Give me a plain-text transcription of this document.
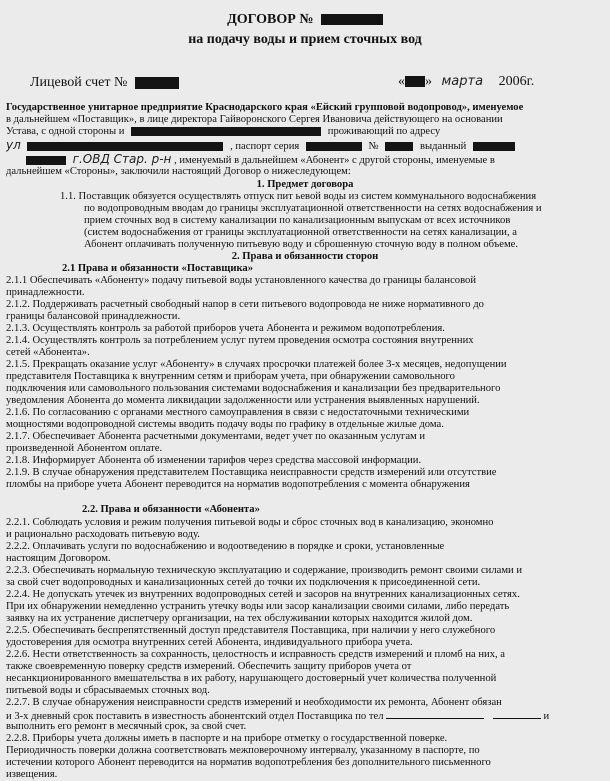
ДОГОВОР №
на подачу воды и прием сточных вод
Лицевой счет №	« » марта 2006г.
Государственное унитарное предприятие Краснодарского края «Ейский групповой водопровод», именуемое
в дальнейшем «Поставщик», в лице директора Гайворонского Сергея Ивановича действующего на основании
Устава, с одной стороны и	проживающий по адресу
ул	, паспорт серия	№	выданный
г.ОВД Стар. р-н , именуемый в дальнейшем «Абонент» с другой стороны, именуемые в
дальнейшем «Стороны», заключили настоящий Договор о нижеследующем:
1. Предмет договора
1.1. Поставщик обязуется осуществлять отпуск пит ьевой воды из систем коммунального водоснабжения
по водопроводным вводам до границы эксплуатационной ответственности на сетях водоснабжения и
прием сточных вод в систему канализации по канализационным выпускам от всех источников
(систем водоснабжения от границы эксплуатационной ответственности на сетях канализации, а
Абонент оплачивать полученную питьевую воду и сброшенную сточную воду в полном объеме.
2. Права и обязанности сторон
2.1 Права и обязанности «Поставщика»
2.1.1 Обеспечивать «Абоненту» подачу питьевой воды установленного качества до границы балансовой
принадлежности.
2.1.2. Поддерживать расчетный свободный напор в сети питьевого водопровода не ниже нормативного до
границы балансовой принадлежности.
2.1.3. Осуществлять контроль за работой приборов учета Абонента и режимом водопотребления.
2.1.4. Осуществлять контроль за потреблением услуг путем проведения осмотра состояния внутренних
сетей «Абонента».
2.1.5. Прекращать оказание услуг «Абоненту» в случаях просрочки платежей более 3-х месяцев, недопущении
представителя Поставщика к внутренним сетям и приборам учета, при обнаружении самовольного
подключения или самовольного пользования системами водоснабжения и канализации без предварительного
уведомления Абонента до момента ликвидации задолженности или устранения выявленных нарушений.
2.1.6. По согласованию с органами местного самоуправления в связи с недостаточными техническими
мощностями водопроводной системы вводить подачу воды по графику в отдельные жилые дома.
2.1.7. Обеспечивает Абонента расчетными документами, ведет учет по оказанным услугам и
произведенной Абонентом оплате.
2.1.8. Информирует Абонента об изменении тарифов через средства массовой информации.
2.1.9. В случае обнаружения представителем Поставщика неисправности средств измерений или отсутствие
пломбы на приборе учета Абонент переводится на норматив водопотребления с момента обнаружения
2.2. Права и обязанности «Абонента»
2.2.1. Соблюдать условия и режим получения питьевой воды и сброс сточных вод в канализацию, экономно
и рационально расходовать питьевую воду.
2.2.2. Оплачивать услуги по водоснабжению и водоотведению в порядке и сроки, установленные
настоящим Договором.
2.2.3. Обеспечивать нормальную техническую эксплуатацию и содержание, производить ремонт своими силами и
за свой счет водопроводных и канализационных сетей до точки их подключения к присоединенной сети.
2.2.4. Не допускать утечек из внутренних водопроводных сетей и засоров на внутренних канализационных сетях.
При их обнаружении немедленно устранить утечку воды или засор канализации своими силами, либо передать
заявку на их устранение диспетчеру организации, на тех обслуживании которых находится жилой дом.
2.2.5. Обеспечивать беспрепятственный доступ представителя Поставщика, при наличии у него служебного
удостоверения для осмотра внутренних сетей Абонента, индивидуального прибора учета.
2.2.6. Нести ответственность за сохранность, целостность и исправность средств измерений и пломб на них, а
также своевременную поверку средств измерений. Обеспечить защиту приборов учета от
несанкционированного вмешательства в их работу, нарушающего достоверный учет количества полученной
питьевой воды и сбрасываемых сточных вод.
2.2.7. В случае обнаружения неисправности средств измерений и необходимости их ремонта, Абонент обязан
и 3-х дневный срок поставить в известность абонентский отдел Поставщика по тел	и
выполнить его ремонт в месячный срок, за свой счет.
2.2.8. Приборы учета должны иметь в паспорте и на приборе отметку о государственной поверке.
Периодичность поверки должна соответствовать межповерочному интервалу, указанному в паспорте, по
истечении которого Абонент переводится на норматив водопотребления без дополнительного письменного
извещения.
